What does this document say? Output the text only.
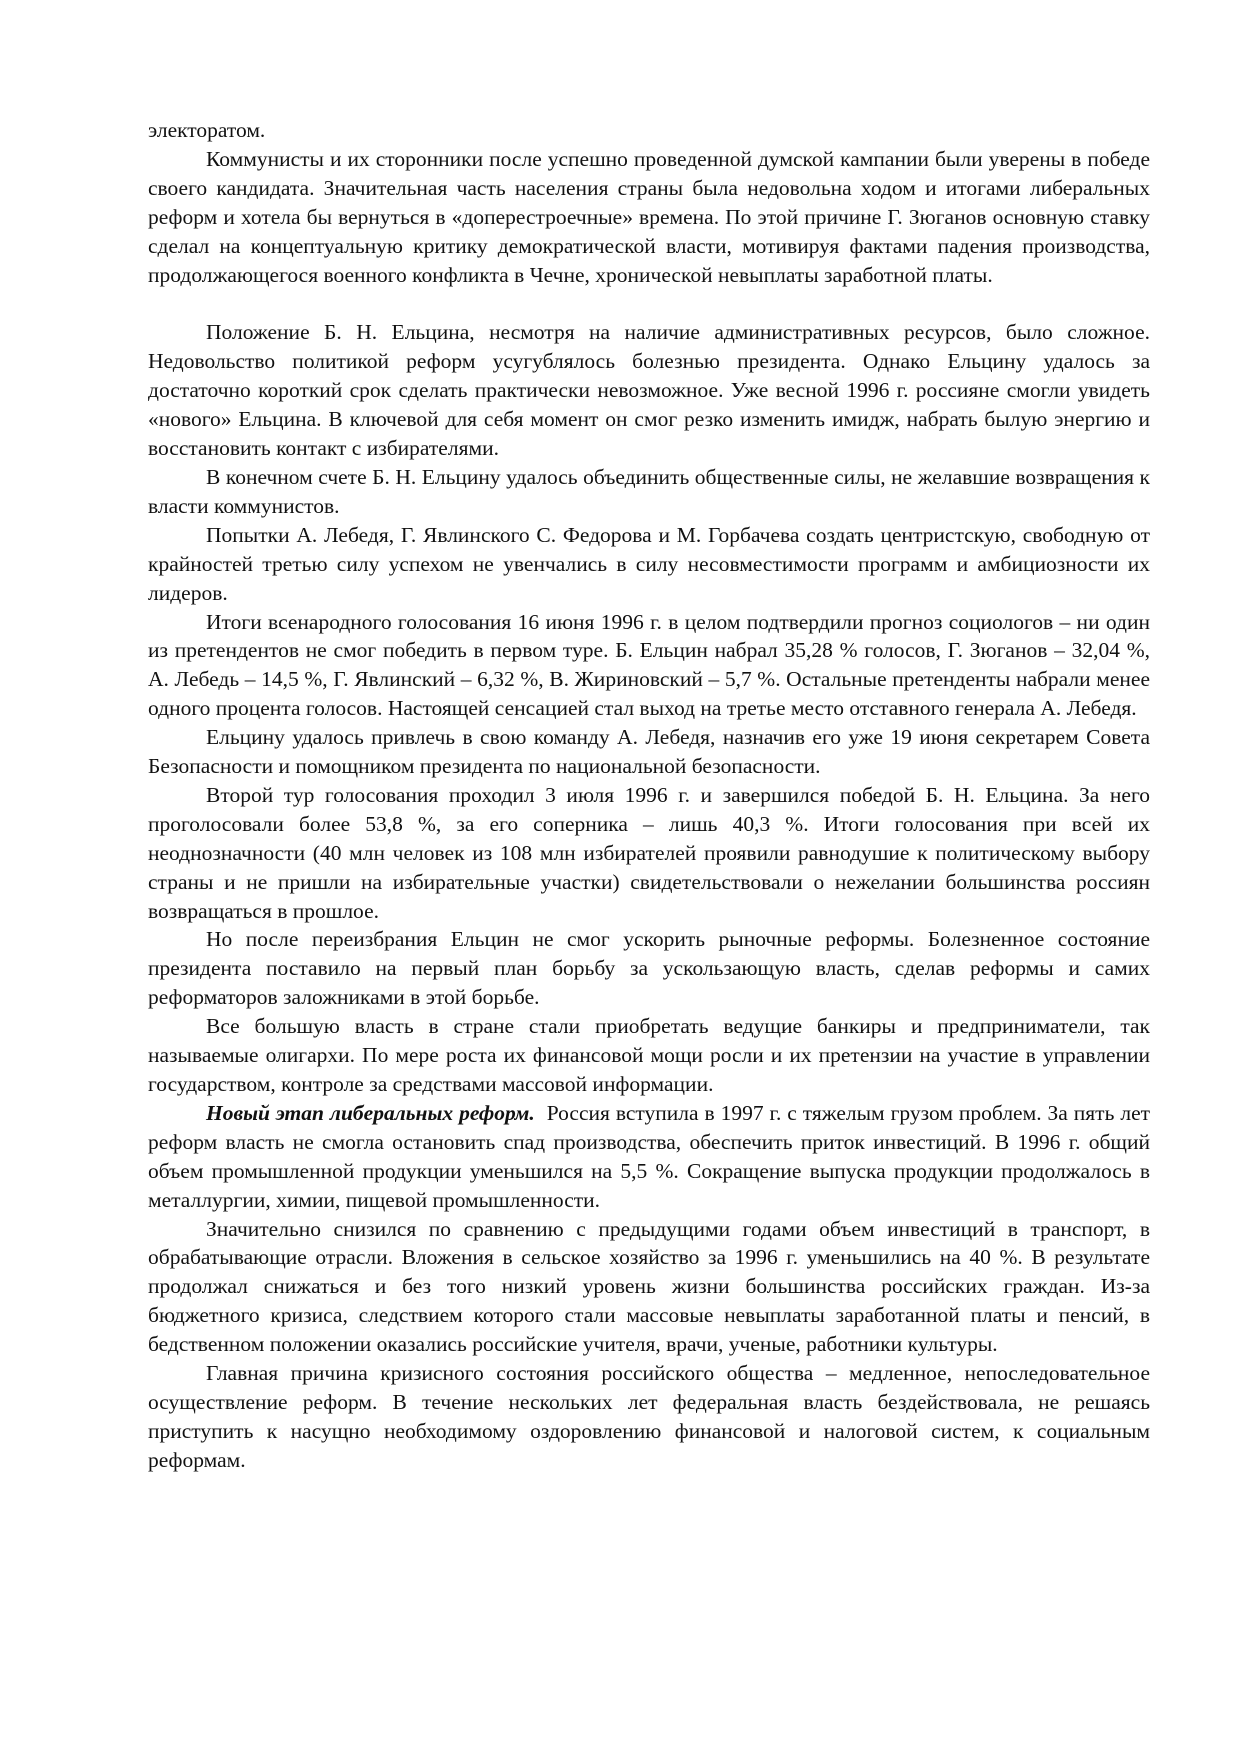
электоратом.

Коммунисты и их сторонники после успешно проведенной думской кампании были уверены в победе своего кандидата. Значительная часть населения страны была недовольна ходом и итогами либеральных реформ и хотела бы вернуться в «доперестроечные» времена. По этой причине Г. Зюганов основную ставку сделал на концептуальную критику демократической власти, мотивируя фактами падения производства, продолжающегося военного конфликта в Чечне, хронической невыплаты заработной платы.

Положение Б. Н. Ельцина, несмотря на наличие административных ресурсов, было сложное. Недовольство политикой реформ усугублялось болезнью президента. Однако Ельцину удалось за достаточно короткий срок сделать практически невозможное. Уже весной 1996 г. россияне смогли увидеть «нового» Ельцина. В ключевой для себя момент он смог резко изменить имидж, набрать былую энергию и восстановить контакт с избирателями.

В конечном счете Б. Н. Ельцину удалось объединить общественные силы, не желавшие возвращения к власти коммунистов.

Попытки А. Лебедя, Г. Явлинского С. Федорова и М. Горбачева создать центристскую, свободную от крайностей третью силу успехом не увенчались в силу несовместимости программ и амбициозности их лидеров.

Итоги всенародного голосования 16 июня 1996 г. в целом подтвердили прогноз социологов – ни один из претендентов не смог победить в первом туре. Б. Ельцин набрал 35,28 % голосов, Г. Зюганов – 32,04 %, А. Лебедь – 14,5 %, Г. Явлинский – 6,32 %, В. Жириновский – 5,7 %. Остальные претенденты набрали менее одного процента голосов. Настоящей сенсацией стал выход на третье место отставного генерала А. Лебедя.

Ельцину удалось привлечь в свою команду А. Лебедя, назначив его уже 19 июня секретарем Совета Безопасности и помощником президента по национальной безопасности.

Второй тур голосования проходил 3 июля 1996 г. и завершился победой Б. Н. Ельцина. За него проголосовали более 53,8 %, за его соперника – лишь 40,3 %. Итоги голосования при всей их неоднозначности (40 млн человек из 108 млн избирателей проявили равнодушие к политическому выбору страны и не пришли на избирательные участки) свидетельствовали о нежелании большинства россиян возвращаться в прошлое.

Но после переизбрания Ельцин не смог ускорить рыночные реформы. Болезненное состояние президента поставило на первый план борьбу за ускользающую власть, сделав реформы и самих реформаторов заложниками в этой борьбе.

Все большую власть в стране стали приобретать ведущие банкиры и предприниматели, так называемые олигархи. По мере роста их финансовой мощи росли и их претензии на участие в управлении государством, контроле за средствами массовой информации.

Новый этап либеральных реформ. Россия вступила в 1997 г. с тяжелым грузом проблем. За пять лет реформ власть не смогла остановить спад производства, обеспечить приток инвестиций. В 1996 г. общий объем промышленной продукции уменьшился на 5,5 %. Сокращение выпуска продукции продолжалось в металлургии, химии, пищевой промышленности.

Значительно снизился по сравнению с предыдущими годами объем инвестиций в транспорт, в обрабатывающие отрасли. Вложения в сельское хозяйство за 1996 г. уменьшились на 40 %. В результате продолжал снижаться и без того низкий уровень жизни большинства российских граждан. Из-за бюджетного кризиса, следствием которого стали массовые невыплаты заработанной платы и пенсий, в бедственном положении оказались российские учителя, врачи, ученые, работники культуры.

Главная причина кризисного состояния российского общества – медленное, непоследовательное осуществление реформ. В течение нескольких лет федеральная власть бездействовала, не решаясь приступить к насущно необходимому оздоровлению финансовой и налоговой систем, к социальным реформам.
